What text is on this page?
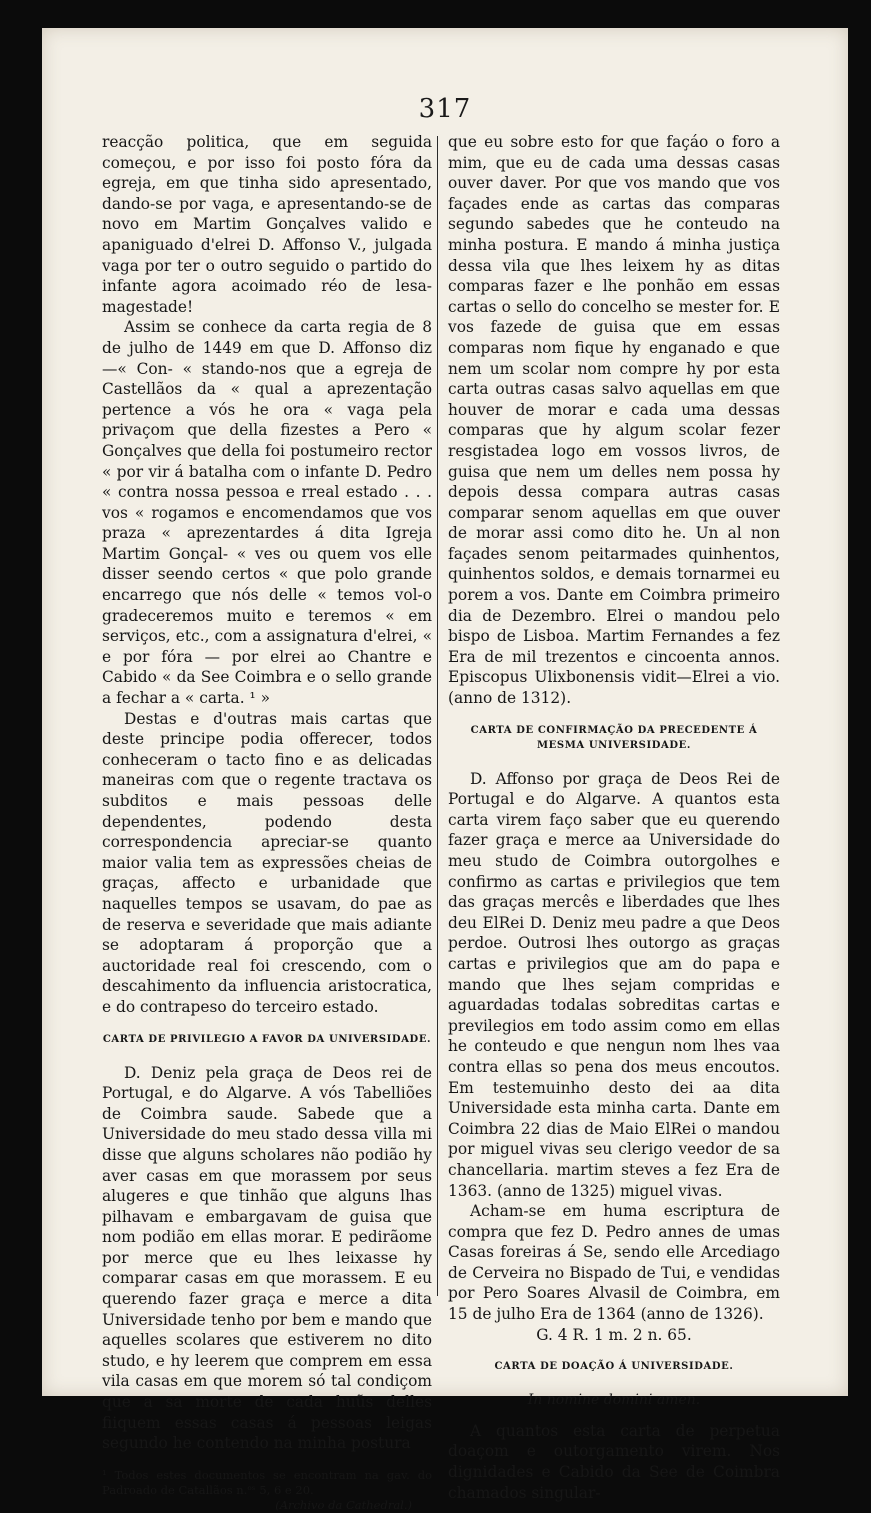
317

reacção politica, que em seguida começou, e por isso foi posto fóra da egreja, em que tinha sido apresentado, dando-se por vaga, e apresentando-se de novo em Martim Gonçalves valido e apaniguado d'elrei D. Affonso V., julgada vaga por ter o outro seguido o partido do infante agora acoimado réo de lesa-magestade!

Assim se conhece da carta regia de 8 de julho de 1449 em que D. Affonso diz—« Con- « stando-nos que a egreja de Castellãos da « qual a aprezentação pertence a vós he ora « vaga pela privaçom que della fizestes a Pero « Gonçalves que della foi postumeiro rector « por vir á batalha com o infante D. Pedro « contra nossa pessoa e rreal estado . . . vos « rogamos e encomendamos que vos praza « aprezentardes á dita Igreja Martim Gonçal- « ves ou quem vos elle disser seendo certos « que polo grande encarrego que nós delle « temos vol-o gradeceremos muito e teremos « em serviços, etc., com a assignatura d'elrei, « e por fóra — por elrei ao Chantre e Cabido « da See Coimbra e o sello grande a fechar a « carta. ¹ »

Destas e d'outras mais cartas que deste principe podia offerecer, todos conheceram o tacto fino e as delicadas maneiras com que o regente tractava os subditos e mais pessoas delle dependentes, podendo desta correspondencia apreciar-se quanto maior valia tem as expressões cheias de graças, affecto e urbanidade que naquelles tempos se usavam, do pae as de reserva e severidade que mais adiante se adoptaram á proporção que a auctoridade real foi crescendo, com o descahimento da influencia aristocratica, e do contrapeso do terceiro estado.

CARTA DE PRIVILEGIO A FAVOR DA UNIVERSIDADE.

D. Deniz pela graça de Deos rei de Portugal, e do Algarve. A vós Tabelliões de Coimbra saude. Sabede que a Universidade do meu stado dessa villa mi disse que alguns scholares não podião hy aver casas em que morassem por seus alugeres e que tinhão que alguns lhas pilhavam e embargavam de guisa que nom podião em ellas morar. E pedirãome por merce que eu lhes leixasse hy comparar casas em que morassem. E eu querendo fazer graça e merce a dita Universidade tenho por bem e mando que aquelles scolares que estiverem no dito studo, e hy leerem que comprem em essa vila casas em que morem só tal condiçom que a sa morte de cada huũs delles fiiquem essas casas á pessoas leigas segundo he contendo na minha postura

¹ Todos estes documentos se encontram na gav. do Padroado de Catallãos n.ᵒˢ 5, 6 e 20.
(Archivo da Cathedral.)

que eu sobre esto for que façáo o foro a mim, que eu de cada uma dessas casas ouver daver. Por que vos mando que vos façades ende as cartas das comparas segundo sabedes que he conteudo na minha postura. E mando á minha justiça dessa vila que lhes leixem hy as ditas comparas fazer e lhe ponhão em essas cartas o sello do concelho se mester for. E vos fazede de guisa que em essas comparas nom fique hy enganado e que nem um scolar nom compre hy por esta carta outras casas salvo aquellas em que houver de morar e cada uma dessas comparas que hy algum scolar fezer resgistadea logo em vossos livros, de guisa que nem um delles nem possa hy depois dessa compara autras casas comparar senom aquellas em que ouver de morar assi como dito he. Un al non façades senom peitarmades quinhentos, quinhentos soldos, e demais tornarmei eu porem a vos. Dante em Coimbra primeiro dia de Dezembro. Elrei o mandou pelo bispo de Lisboa. Martim Fernandes a fez Era de mil trezentos e cincoenta annos. Episcopus Ulixbonensis vidit—Elrei a vio. (anno de 1312).

CARTA DE CONFIRMAÇÃO DA PRECEDENTE Á MESMA UNIVERSIDADE.

D. Affonso por graça de Deos Rei de Portugal e do Algarve. A quantos esta carta virem faço saber que eu querendo fazer graça e merce aa Universidade do meu studo de Coimbra outorgolhes e confirmo as cartas e privilegios que tem das graças mercês e liberdades que lhes deu ElRei D. Deniz meu padre a que Deos perdoe. Outrosi lhes outorgo as graças cartas e privilegios que am do papa e mando que lhes sejam compridas e aguardadas todalas sobreditas cartas e previlegios em todo assim como em ellas he conteudo e que nengun nom lhes vaa contra ellas so pena dos meus encoutos. Em testemuinho desto dei aa dita Universidade esta minha carta. Dante em Coimbra 22 dias de Maio ElRei o mandou por miguel vivas seu clerigo veedor de sa chancellaria. martim steves a fez Era de 1363. (anno de 1325) miguel vivas.

Acham-se em huma escriptura de compra que fez D. Pedro annes de umas Casas foreiras á Se, sendo elle Arcediago de Cerveira no Bispado de Tui, e vendidas por Pero Soares Alvasil de Coimbra, em 15 de julho Era de 1364 (anno de 1326).

G. 4 R. 1 m. 2 n. 65.
CARTA DE DOAÇÃO Á UNIVERSIDADE.
In nomine domini amen.

A quantos esta carta de perpetua doaçom e outorgamento virem. Nos dignidades e Cabido da See de Coimbra chamados singular-
